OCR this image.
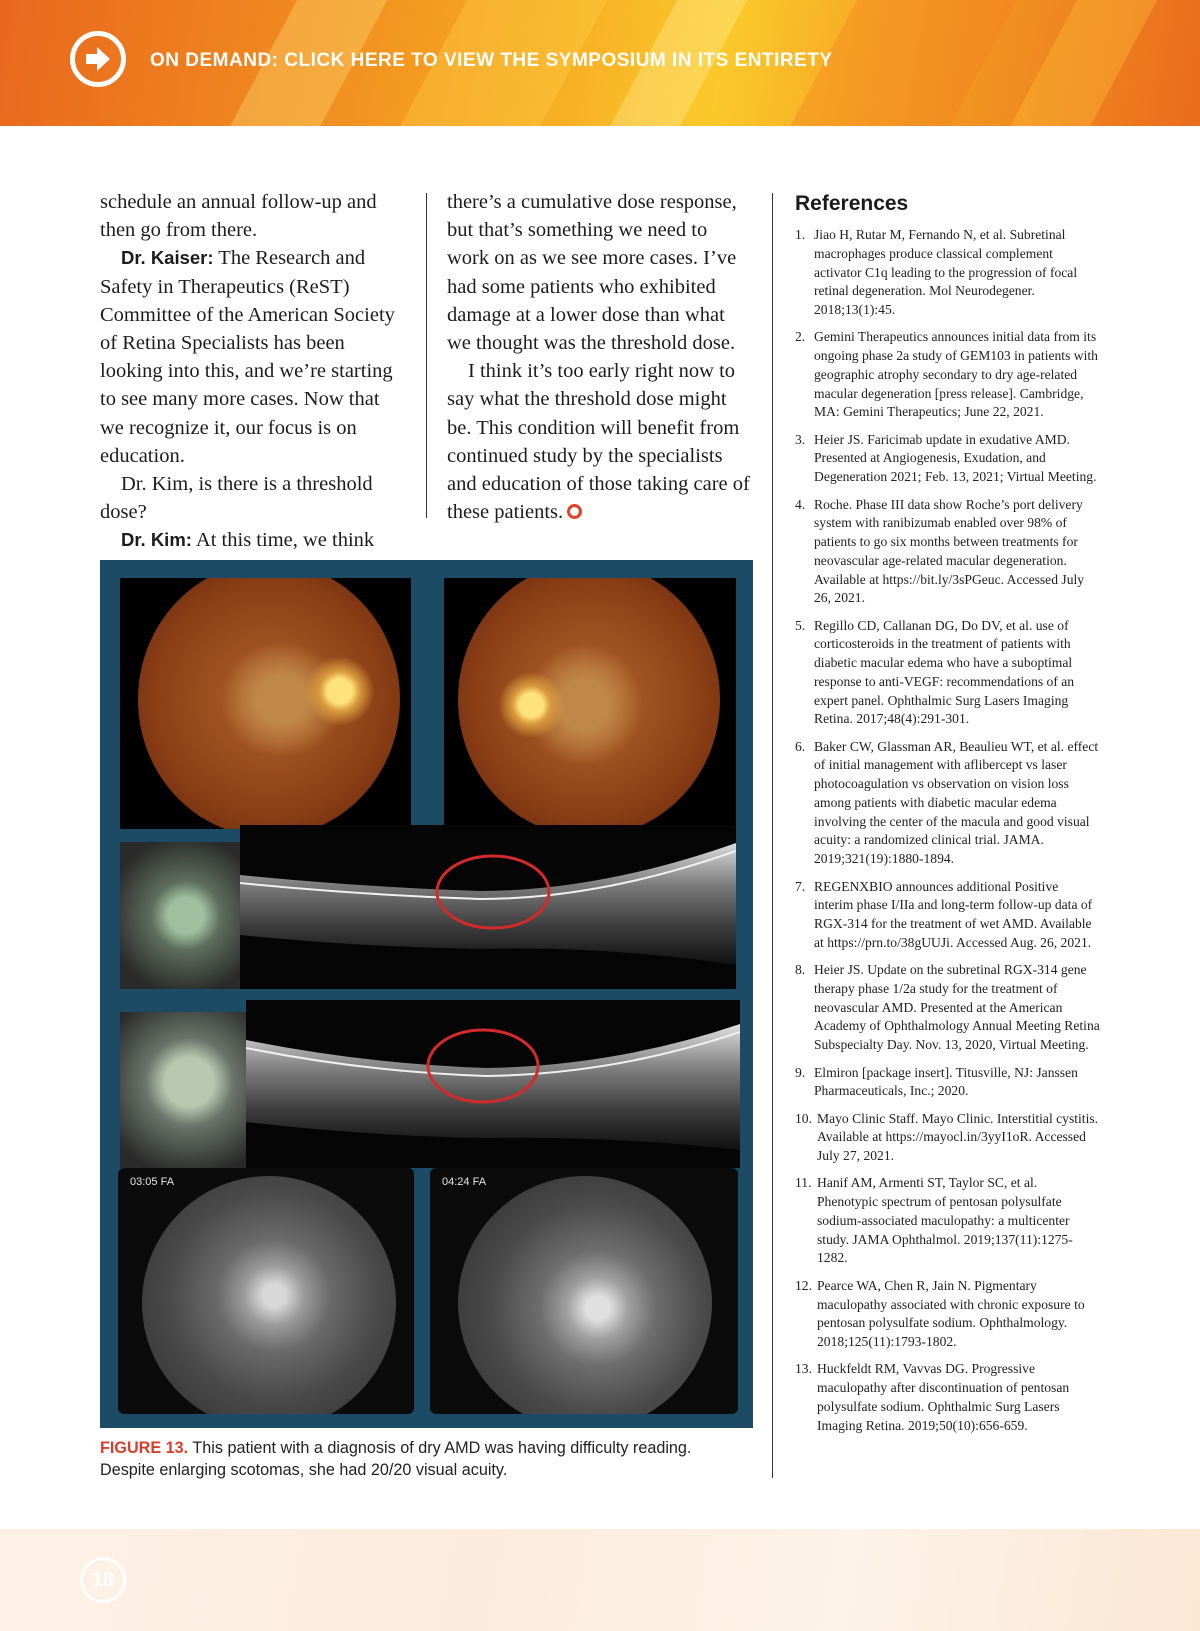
ON DEMAND: CLICK HERE TO VIEW THE SYMPOSIUM IN ITS ENTIRETY

schedule an annual follow-up and then go from there.

Dr. Kaiser: The Research and Safety in Therapeutics (ReST) Committee of the American Society of Retina Specialists has been looking into this, and we’re starting to see many more cases. Now that we recognize it, our focus is on education.

Dr. Kim, is there is a threshold dose?

Dr. Kim: At this time, we think

there’s a cumulative dose response, but that’s something we need to work on as we see more cases. I’ve had some patients who exhibited damage at a lower dose than what we thought was the threshold dose.

I think it’s too early right now to say what the threshold dose might be. This condition will benefit from continued study by the specialists and education of those taking care of these patients.

03:05 FA	04:24 FA
FIGURE 13. This patient with a diagnosis of dry AMD was having difficulty reading. Despite enlarging scotomas, she had 20/20 visual acuity.
References
1. Jiao H, Rutar M, Fernando N, et al. Subretinal macrophages produce classical complement activator C1q leading to the progression of focal retinal degeneration. Mol Neurodegener. 2018;13(1):45.
2. Gemini Therapeutics announces initial data from its ongoing phase 2a study of GEM103 in patients with geographic atrophy secondary to dry age-related macular degeneration [press release]. Cambridge, MA: Gemini Therapeutics; June 22, 2021.
3. Heier JS. Faricimab update in exudative AMD. Presented at Angiogenesis, Exudation, and Degeneration 2021; Feb. 13, 2021; Virtual Meeting.
4. Roche. Phase III data show Roche’s port delivery system with ranibizumab enabled over 98% of patients to go six months between treatments for neovascular age-related macular degeneration. Available at https://bit.ly/3sPGeuc. Accessed July 26, 2021.
5. Regillo CD, Callanan DG, Do DV, et al. use of corticosteroids in the treatment of patients with diabetic macular edema who have a suboptimal response to anti-VEGF: recommendations of an expert panel. Ophthalmic Surg Lasers Imaging Retina. 2017;48(4):291-301.
6. Baker CW, Glassman AR, Beaulieu WT, et al. effect of initial management with aflibercept vs laser photocoagulation vs observation on vision loss among patients with diabetic macular edema involving the center of the macula and good visual acuity: a randomized clinical trial. JAMA. 2019;321(19):1880-1894.
7. REGENXBIO announces additional Positive interim phase I/IIa and long-term follow-up data of RGX-314 for the treatment of wet AMD. Available at https://prn.to/38gUUJi. Accessed Aug. 26, 2021.
8. Heier JS. Update on the subretinal RGX-314 gene therapy phase 1/2a study for the treatment of neovascular AMD. Presented at the American Academy of Ophthalmology Annual Meeting Retina Subspecialty Day. Nov. 13, 2020, Virtual Meeting.
9. Elmiron [package insert]. Titusville, NJ: Janssen Pharmaceuticals, Inc.; 2020.
10. Mayo Clinic Staff. Mayo Clinic. Interstitial cystitis. Available at https://mayocl.in/3yyI1oR. Accessed July 27, 2021.
11. Hanif AM, Armenti ST, Taylor SC, et al. Phenotypic spectrum of pentosan polysulfate sodium-associated maculopathy: a multicenter study. JAMA Ophthalmol. 2019;137(11):1275-1282.
12. Pearce WA, Chen R, Jain N. Pigmentary maculopathy associated with chronic exposure to pentosan polysulfate sodium. Ophthalmology. 2018;125(11):1793-1802.
13. Huckfeldt RM, Vavvas DG. Progressive maculopathy after discontinuation of pentosan polysulfate sodium. Ophthalmic Surg Lasers Imaging Retina. 2019;50(10):656-659.
18
